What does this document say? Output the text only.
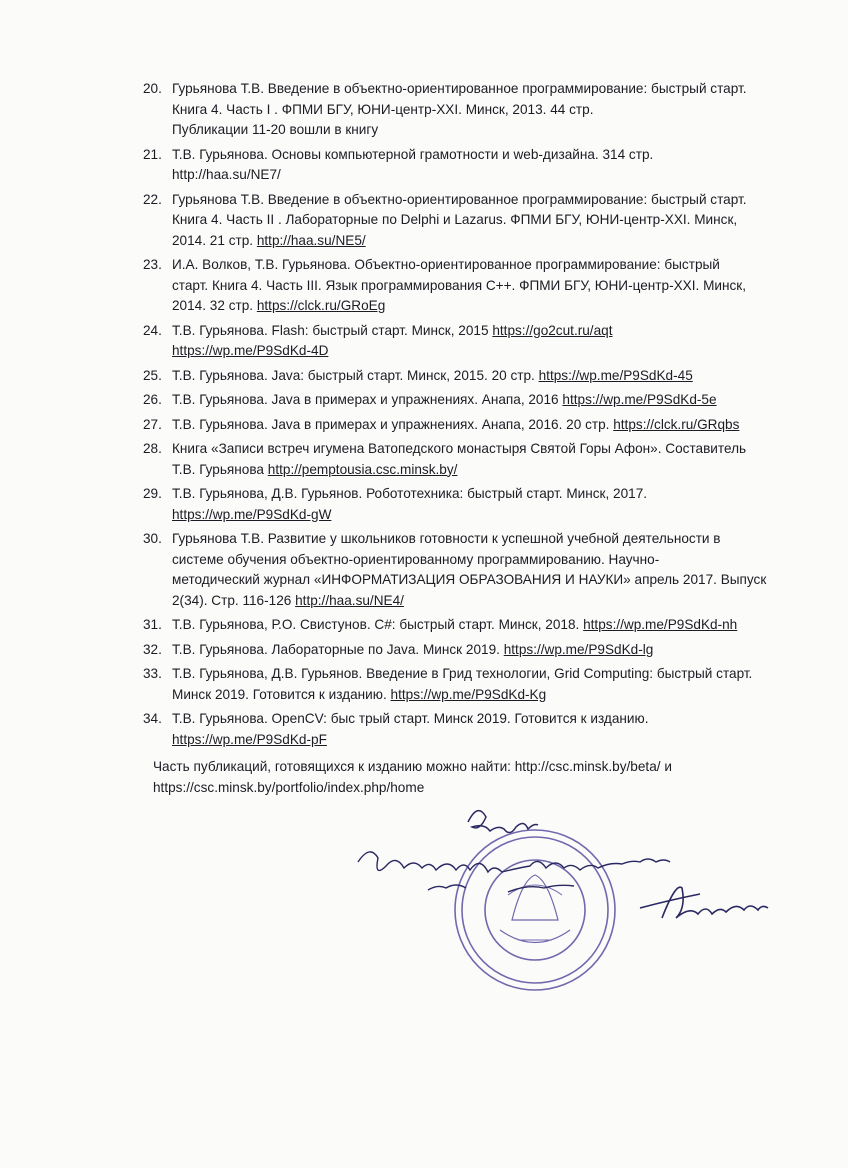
20. Гурьянова Т.В. Введение в объектно-ориентированное программирование: быстрый старт.
Книга 4. Часть I . ФПМИ БГУ, ЮНИ-центр-XXI. Минск, 2013. 44 стр.
Публикации 11-20 вошли в книгу
21. Т.В. Гурьянова. Основы компьютерной грамотности и web-дизайна. 314 стр.
http://haa.su/NE7/
22. Гурьянова Т.В. Введение в объектно-ориентированное программирование: быстрый старт.
Книга 4. Часть II . Лабораторные по Delphi и Lazarus. ФПМИ БГУ, ЮНИ-центр-XXI. Минск,
2014. 21 стр. http://haa.su/NE5/
23. И.А. Волков, Т.В. Гурьянова. Объектно-ориентированное программирование: быстрый
старт. Книга 4. Часть III. Язык программирования С++. ФПМИ БГУ, ЮНИ-центр-XXI. Минск,
2014. 32 стр. https://clck.ru/GRoEg
24. Т.В. Гурьянова. Flash: быстрый старт. Минск, 2015 https://go2cut.ru/aqt
https://wp.me/P9SdKd-4D
25. Т.В. Гурьянова. Java: быстрый старт. Минск, 2015. 20 стр. https://wp.me/P9SdKd-45
26. Т.В. Гурьянова. Java в примерах и упражнениях. Анапа, 2016 https://wp.me/P9SdKd-5e
27. Т.В. Гурьянова. Java в примерах и упражнениях. Анапа, 2016. 20 стр. https://clck.ru/GRqbs
28. Книга «Записи встреч игумена Ватопедского монастыря Святой Горы Афон». Составитель
Т.В. Гурьянова http://pemptousia.csc.minsk.by/
29. Т.В. Гурьянова, Д.В. Гурьянов. Робототехника: быстрый старт. Минск, 2017.
https://wp.me/P9SdKd-gW
30. Гурьянова Т.В. Развитие у школьников готовности к успешной учебной деятельности в
системе обучения объектно-ориентированному программированию. Научно-
методический журнал «ИНФОРМАТИЗАЦИЯ ОБРАЗОВАНИЯ И НАУКИ» апрель 2017. Выпуск
2(34). Стр. 116-126 http://haa.su/NE4/
31. Т.В. Гурьянова, Р.О. Свистунов. C#: быстрый старт. Минск, 2018. https://wp.me/P9SdKd-nh
32. Т.В. Гурьянова. Лабораторные по Java. Минск 2019. https://wp.me/P9SdKd-lg
33. Т.В. Гурьянова, Д.В. Гурьянов. Введение в Грид технологии, Grid Computing: быстрый старт.
Минск 2019. Готовится к изданию. https://wp.me/P9SdKd-Kg
34. Т.В. Гурьянова. OpenCV: быс трый старт. Минск 2019. Готовится к изданию.
https://wp.me/P9SdKd-pF
Часть публикаций, готовящихся к изданию можно найти: http://csc.minsk.by/beta/ и
https://csc.minsk.by/portfolio/index.php/home
